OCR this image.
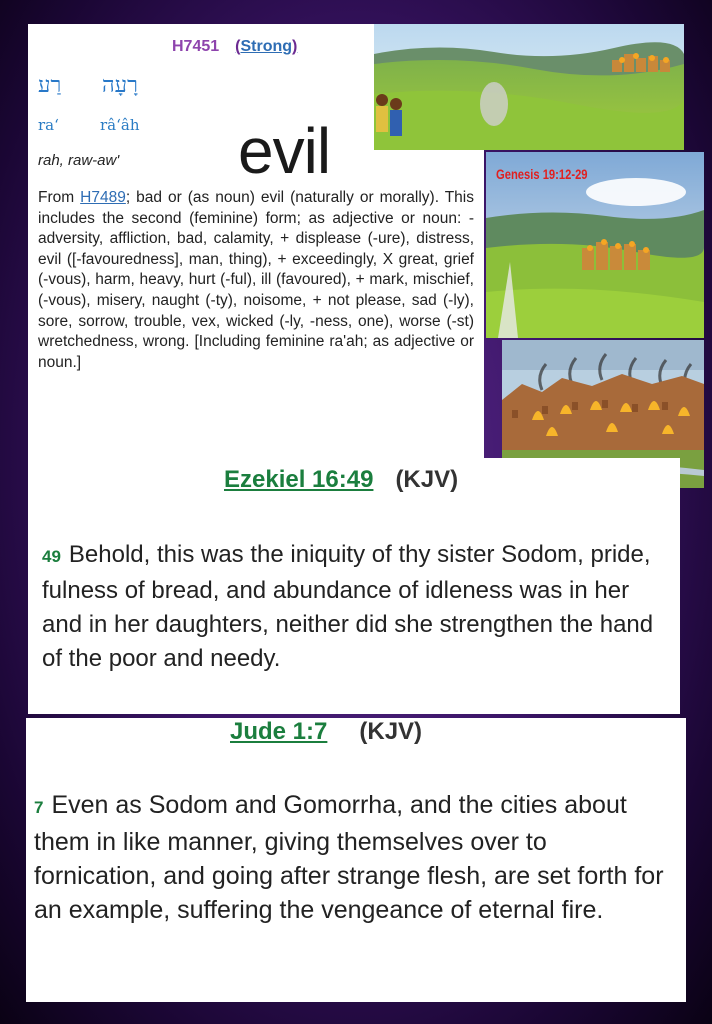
H7451 (Strong)
רַע רָעָה
raʻ	râʻâh
rah, raw-aw' evil
From H7489; bad or (as noun) evil (naturally or morally). This includes the second (feminine) form; as adjective or noun: - adversity, affliction, bad, calamity, + displease (-ure), distress, evil ([-favouredness], man, thing), + exceedingly, X great, grief (-vous), harm, heavy, hurt (-ful), ill (favoured), + mark, mischief, (-vous), misery, naught (-ty), noisome, + not please, sad (-ly), sore, sorrow, trouble, vex, wicked (-ly, -ness, one), worse (-st) wretchedness, wrong. [Including feminine ra'ah; as adjective or noun.]
Genesis 19:12-29
Ezekiel 16:49 (KJV)
49 Behold, this was the iniquity of thy sister Sodom, pride, fulness of bread, and abundance of idleness was in her and in her daughters, neither did she strengthen the hand of the poor and needy.
Jude 1:7 (KJV)
7 Even as Sodom and Gomorrha, and the cities about them in like manner, giving themselves over to fornication, and going after strange flesh, are set forth for an example, suffering the vengeance of eternal fire.
